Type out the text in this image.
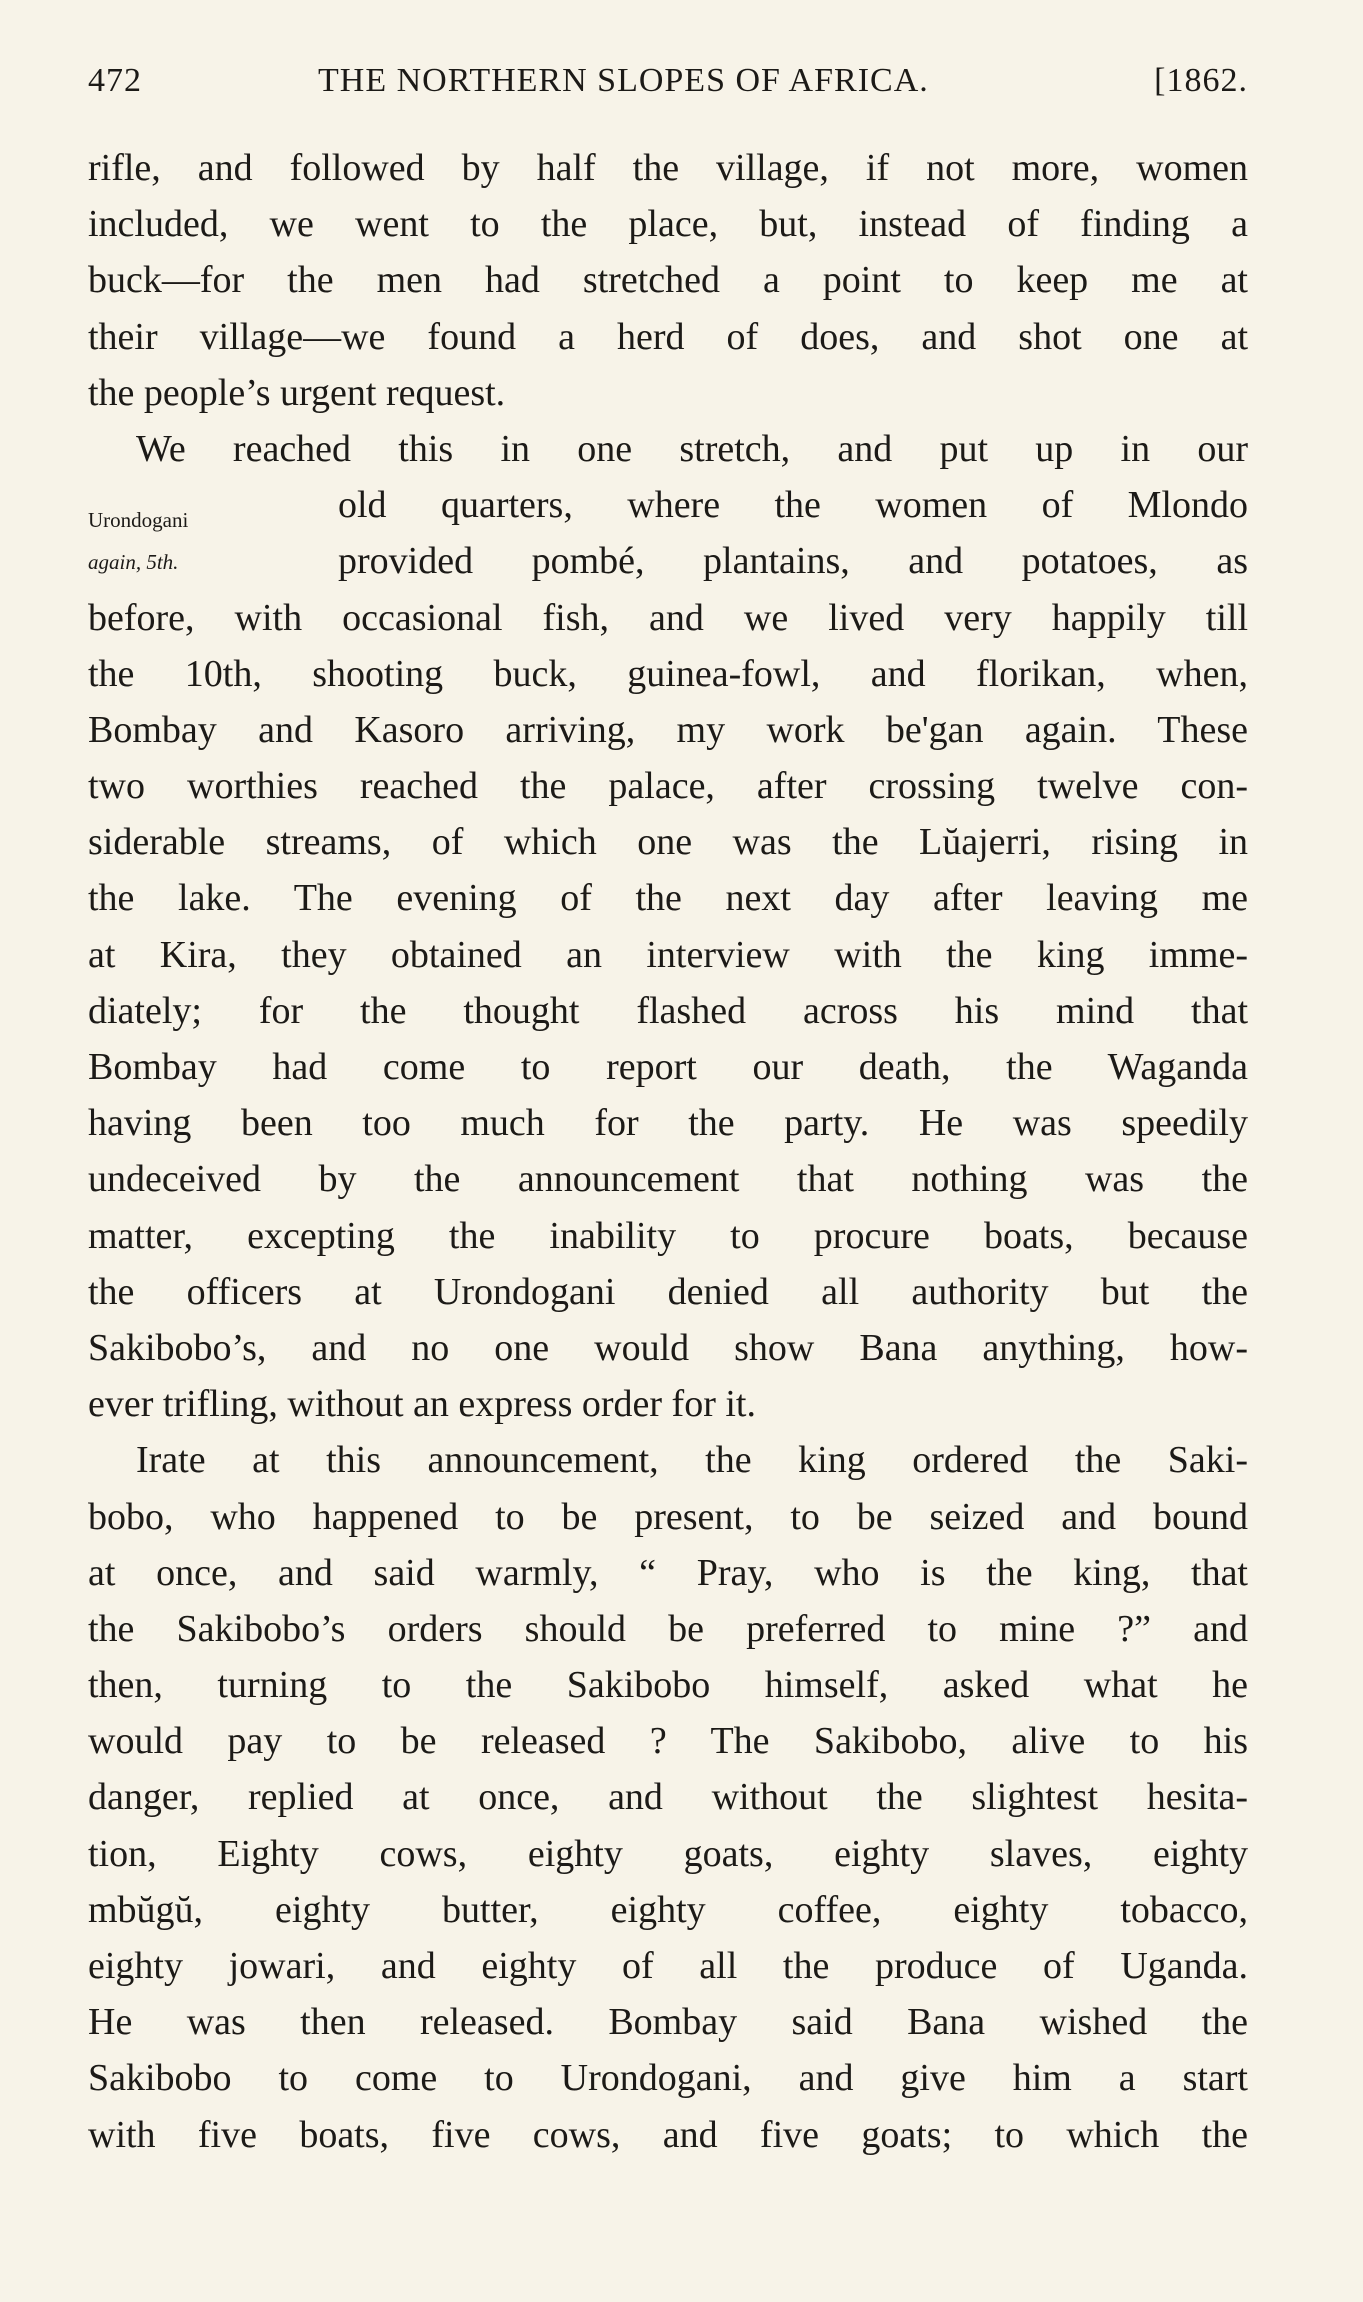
472	THE NORTHERN SLOPES OF AFRICA.	[1862.
Urondogani
again, 5th.
rifle, and followed by half the village, if not more, women
included, we went to the place, but, instead of finding a
buck—for the men had stretched a point to keep me at
their village—we found a herd of does, and shot one at
the people’s urgent request.
We reached this in one stretch, and put up in our
old quarters, where the women of Mlondo
provided pombé, plantains, and potatoes, as
before, with occasional fish, and we lived very happily till
the 10th, shooting buck, guinea-fowl, and florikan, when,
Bombay and Kasoro arriving, my work be'gan again. These
two worthies reached the palace, after crossing twelve con-
siderable streams, of which one was the Lŭajerri, rising in
the lake. The evening of the next day after leaving me
at Kira, they obtained an interview with the king imme-
diately; for the thought flashed across his mind that
Bombay had come to report our death, the Waganda
having been too much for the party. He was speedily
undeceived by the announcement that nothing was the
matter, excepting the inability to procure boats, because
the officers at Urondogani denied all authority but the
Sakibobo’s, and no one would show Bana anything, how-
ever trifling, without an express order for it.
Irate at this announcement, the king ordered the Saki-
bobo, who happened to be present, to be seized and bound
at once, and said warmly, “ Pray, who is the king, that
the Sakibobo’s orders should be preferred to mine ?” and
then, turning to the Sakibobo himself, asked what he
would pay to be released ? The Sakibobo, alive to his
danger, replied at once, and without the slightest hesita-
tion, Eighty cows, eighty goats, eighty slaves, eighty
mbŭgŭ, eighty butter, eighty coffee, eighty tobacco,
eighty jowari, and eighty of all the produce of Uganda.
He was then released. Bombay said Bana wished the
Sakibobo to come to Urondogani, and give him a start
with five boats, five cows, and five goats; to which the
